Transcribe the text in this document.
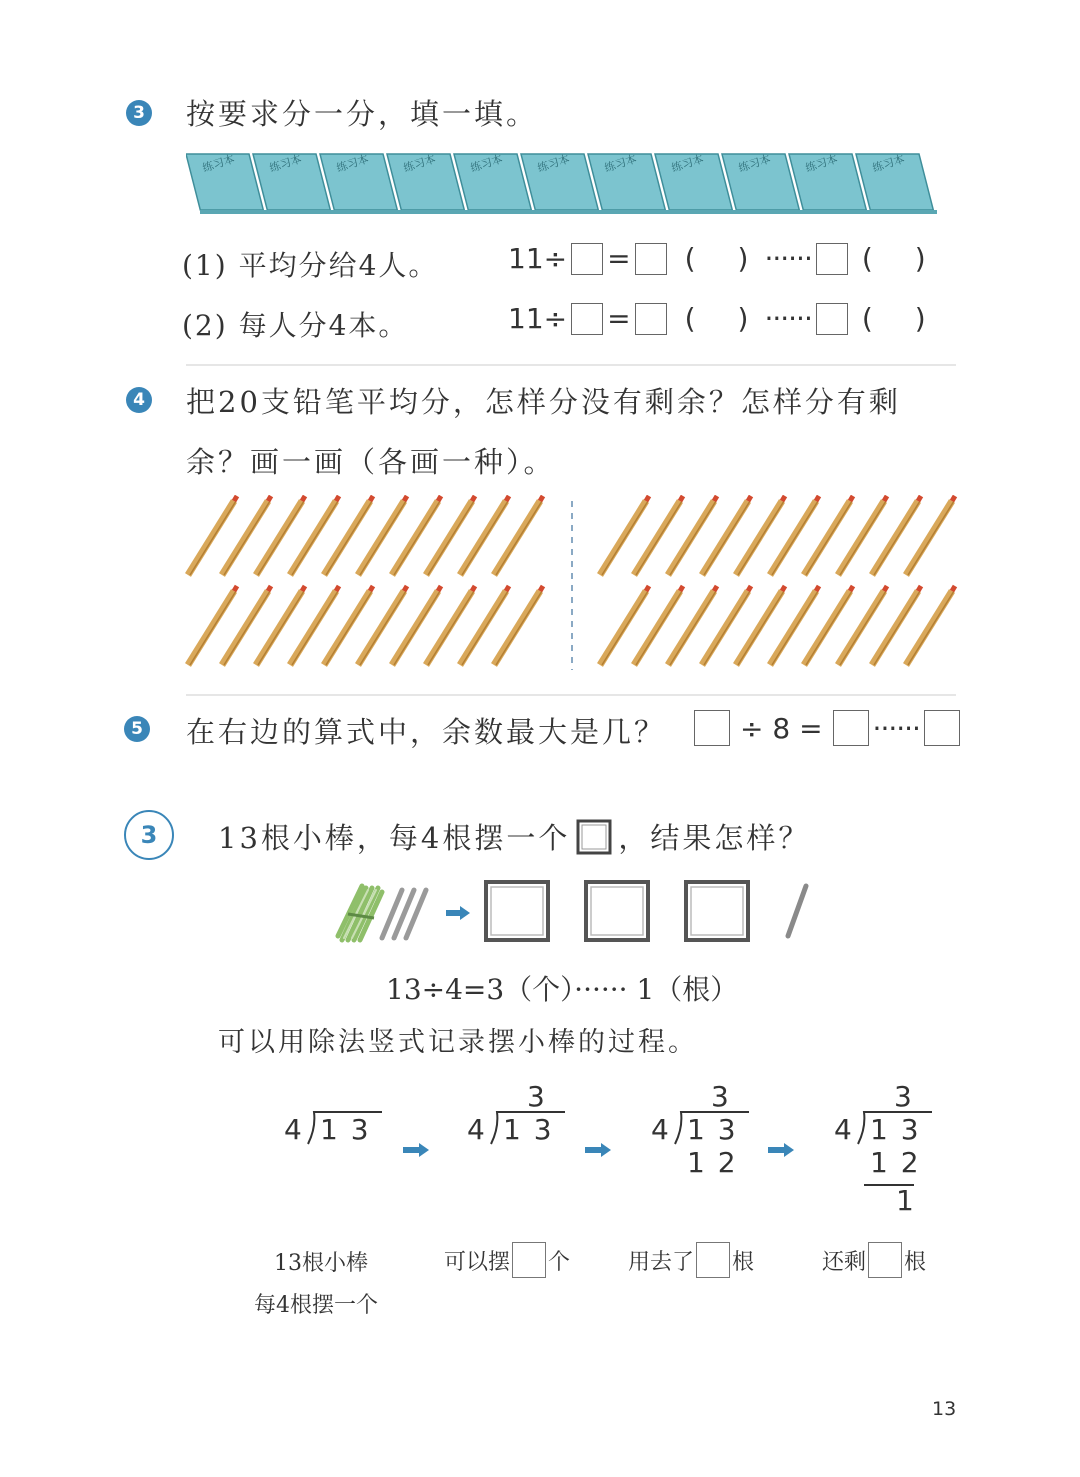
3 按要求分一分，填一填。
练习本	练习本	练习本	练习本	练习本	练习本	练习本	练习本	练习本	练习本	练习本
(1) 平均分给4人。 11÷ = ( ) ······ ( )
(2) 每人分4本。	11÷ = ( ) ······ ( )
4 把20支铅笔平均分，怎样分没有剩余？怎样分有剩
余？画一画（各画一种）。
5 在右边的算式中，余数最大是几？	÷ 8 = ······
3	13根小棒，每4根摆一个 ，结果怎样？
13÷4=3（个）······ 1（根）
可以用除法竖式记录摆小棒的过程。
4 1 3
3
4 1 3
3
4 1 3
1 2
3
4 1 3
1 2
1
13根小棒
每4根摆一个
可以摆 个	用去了 根	还剩 根
13
